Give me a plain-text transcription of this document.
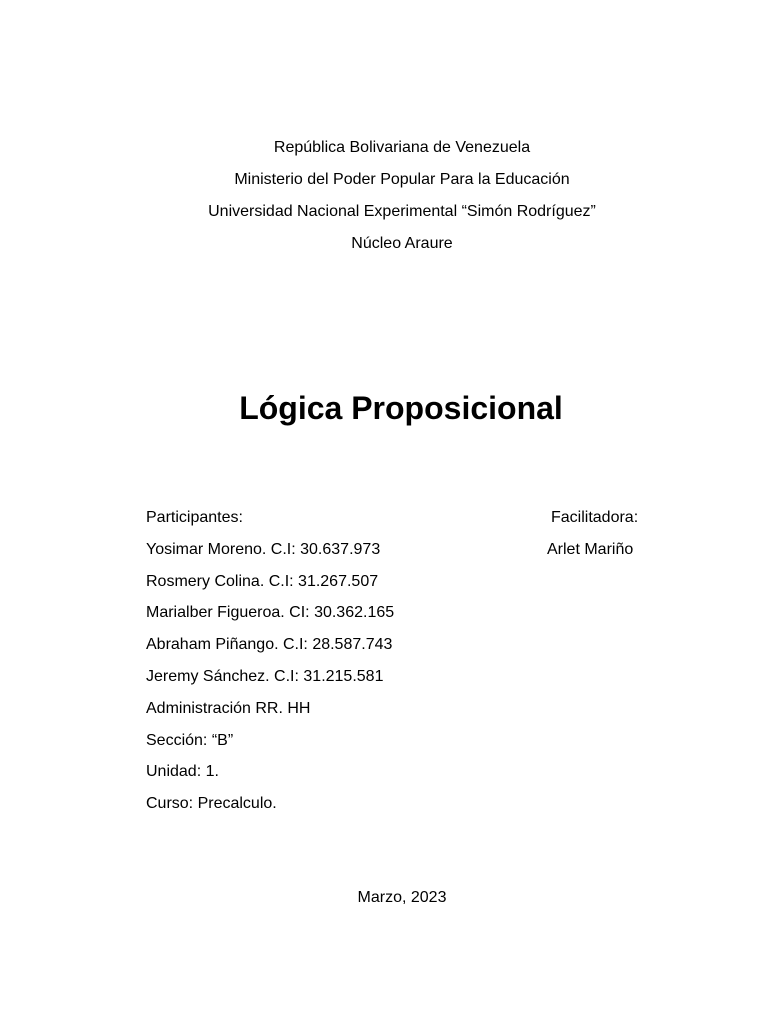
República Bolivariana de Venezuela
Ministerio del Poder Popular Para la Educación
Universidad Nacional Experimental “Simón Rodríguez”
Núcleo Araure
Lógica Proposicional
Participantes:	Facilitadora:
Yosimar Moreno. C.I: 30.637.973	Arlet Mariño
Rosmery Colina. C.I: 31.267.507
Marialber Figueroa. CI: 30.362.165
Abraham Piñango. C.I: 28.587.743
Jeremy Sánchez. C.I: 31.215.581
Administración RR. HH
Sección: “B”
Unidad: 1.
Curso: Precalculo.
Marzo, 2023
